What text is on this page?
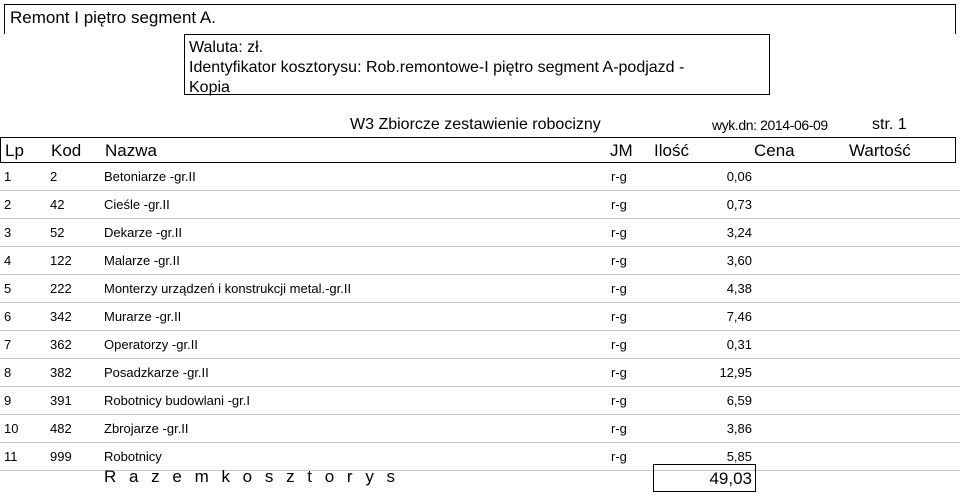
Remont I piętro segment A.
Waluta: zł.
Identyfikator kosztorysu: Rob.remontowe-I piętro segment A-podjazd -
Kopia
W3 Zbiorcze zestawienie robocizny	wyk.dn: 2014-06-09	str. 1
Lp Kod Nazwa	JM Ilość	Cena	Wartość
1	2	Betoniarze -gr.II	r-g	0,06
2	42	Cieśle -gr.II	r-g	0,73
3	52	Dekarze -gr.II	r-g	3,24
4	122 Malarze -gr.II	r-g	3,60
5	222 Monterzy urządzeń i konstrukcji metal.-gr.II	r-g	4,38
6	342 Murarze -gr.II	r-g	7,46
7	362 Operatorzy -gr.II	r-g	0,31
8	382 Posadzkarze -gr.II	r-g	12,95
9	391 Robotnicy budowlani -gr.I	r-g	6,59
10 482 Zbrojarze -gr.II	r-g	3,86
11	999 Robotnicy	r-g	5,85
R a z e m k o s z t o r y s	49,03
